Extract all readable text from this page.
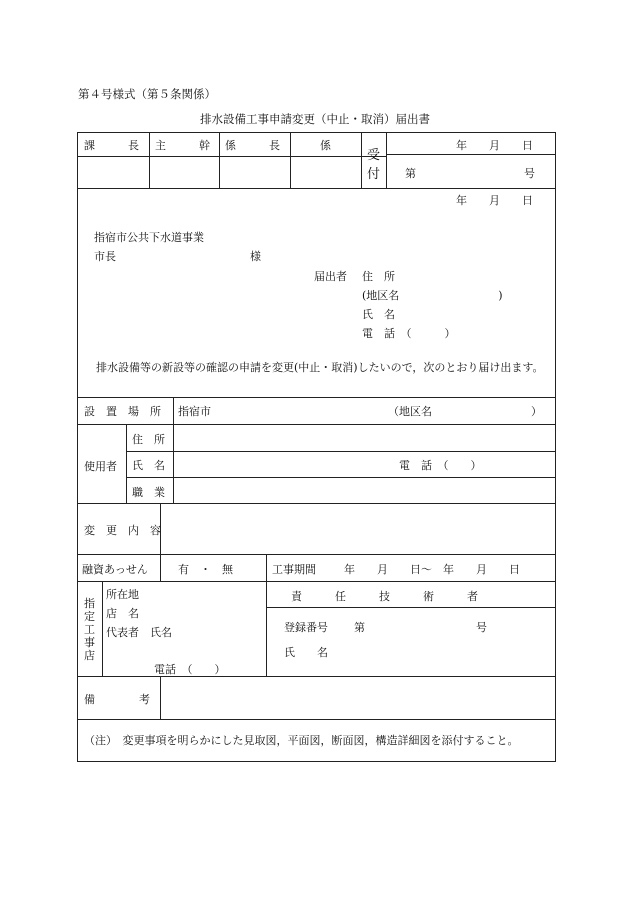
第４号様式（第５条関係）
排水設備工事申請変更（中止・取消）届出書
課　　　長 主　　　幹 係　　　長	係
受
付
年　　月　　日
第	号
年　　月　　日
指宿市公共下水道事業
市長	様
届出者 住　所
(地区名　　　　　　　　　)
氏　名
電　話　（　　　）
排水設備等の新設等の確認の申請を変更(中止・取消)したいので，次のとおり届け出ます。
設　置　場　所 指宿市	（地区名　　　　　　　　　）
使用者
住　所
氏　名	電　話　（　　）
職　業
変　更　内　容
融資あっせん	有　・　無	工事期間	年　　月　　日～　年　　月　　日
指
定
工
事
店
所在地
店　名
代表者　氏名
電話　（　　）
責　　　任　　　技　　　術　　　者
登録番号 第	号
氏　　名
備　　　　考
（注）　変更事項を明らかにした見取図，平面図，断面図，構造詳細図を添付すること。
